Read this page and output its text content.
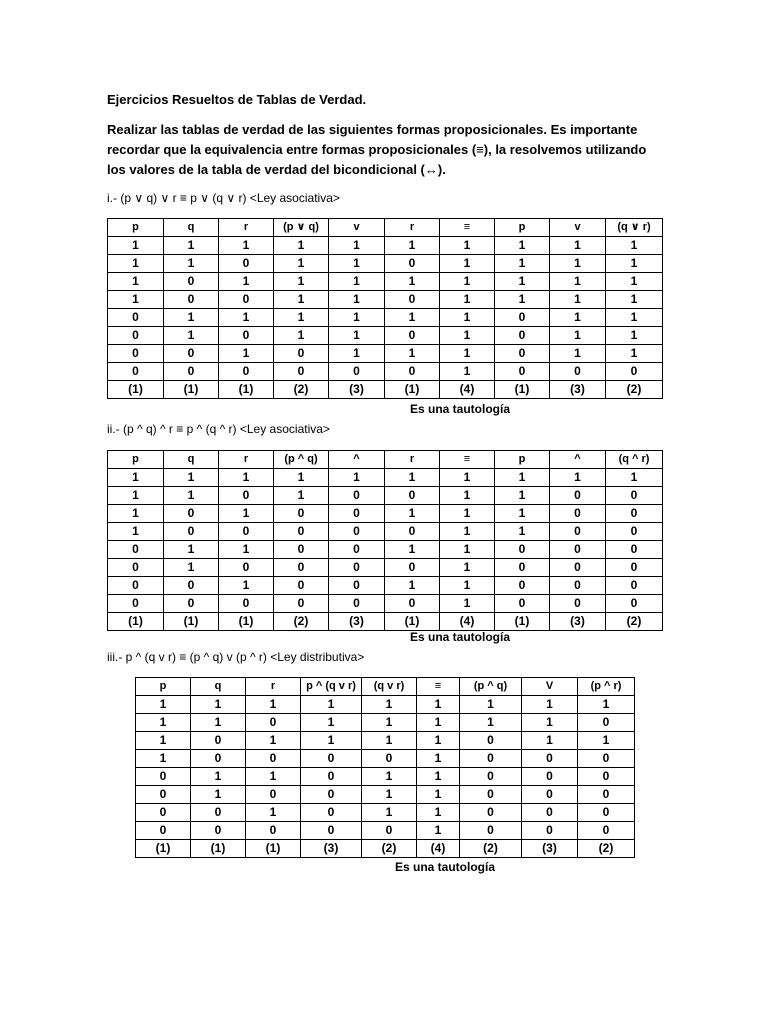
Ejercicios Resueltos de Tablas de Verdad.
Realizar las tablas de verdad de las siguientes formas proposicionales. Es importante recordar que la equivalencia entre formas proposicionales (≡), la resolvemos utilizando los valores de la tabla de verdad del bicondicional (↔).
i.- (p ∨ q) ∨ r ≡ p ∨ (q ∨ r) <Ley asociativa>
p	q	r	(p ∨ q)	v	r	≡	p	v	(q ∨ r)
1	1	1	1	1	1	1	1	1	1
1	1	0	1	1	0	1	1	1	1
1	0	1	1	1	1	1	1	1	1
1	0	0	1	1	0	1	1	1	1
0	1	1	1	1	1	1	0	1	1
0	1	0	1	1	0	1	0	1	1
0	0	1	0	1	1	1	0	1	1
0	0	0	0	0	0	1	0	0	0
(1)	(1)	(1)	(2)	(3)	(1)	(4)	(1)	(3)	(2)
Es una tautología
ii.- (p ^ q) ^ r ≡ p ^ (q ^ r) <Ley asociativa>
p	q	r	(p ^ q)	^	r	≡	p	^	(q ^ r)
1	1	1	1	1	1	1	1	1	1
1	1	0	1	0	0	1	1	0	0
1	0	1	0	0	1	1	1	0	0
1	0	0	0	0	0	1	1	0	0
0	1	1	0	0	1	1	0	0	0
0	1	0	0	0	0	1	0	0	0
0	0	1	0	0	1	1	0	0	0
0	0	0	0	0	0	1	0	0	0
(1)	(1)	(1)	(2)	(3)	(1)	(4)	(1)	(3)	(2)
Es una tautología
iii.- p ^ (q v r) ≡ (p ^ q) v (p ^ r) <Ley distributiva>
p	q	r	p ^ (q v r)	(q v r)	≡	(p ^ q)	V	(p ^ r)
1	1	1	1	1	1	1	1	1
1	1	0	1	1	1	1	1	0
1	0	1	1	1	1	0	1	1
1	0	0	0	0	1	0	0	0
0	1	1	0	1	1	0	0	0
0	1	0	0	1	1	0	0	0
0	0	1	0	1	1	0	0	0
0	0	0	0	0	1	0	0	0
(1)	(1)	(1)	(3)	(2)	(4)	(2)	(3)	(2)
Es una tautología
